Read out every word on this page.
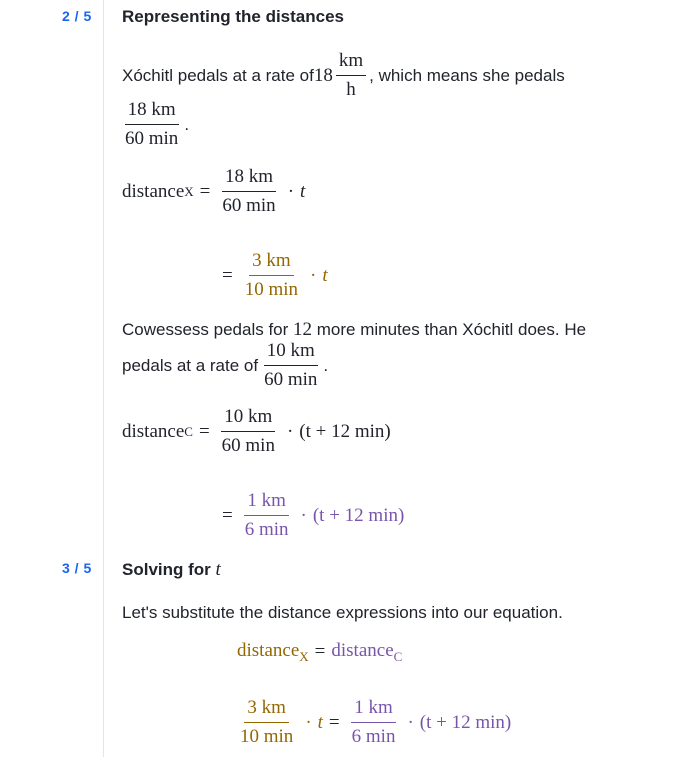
2 / 5 Representing the distances
Xóchitl pedals at a rate of $18 \frac{km}{h}$ , which means she pedals
$\frac{18 km}{60 \min}$ .
distance $X = \frac{18 km}{60 \min} \cdot t$
= $\frac{3 km}{10 \min} \cdot t$
Cowessess pedals for 12 more minutes than Xóchitl does. He
pedals at a rate of $\frac{10 km}{60 \min}$ .
distance $C = \frac{10 km}{60 \min} \cdot (t + 12$ min)
= $\frac{1 km}{6 \min} \cdot (t + 12$ min)
3 / 5 Solving for t
Let's substitute the distance expressions into our equation.
distance$_X$ = distance$_C$
$\frac{3 km}{10 \min} \cdot t = \frac{1 km}{6 \min} \cdot (t + 12$ min)
